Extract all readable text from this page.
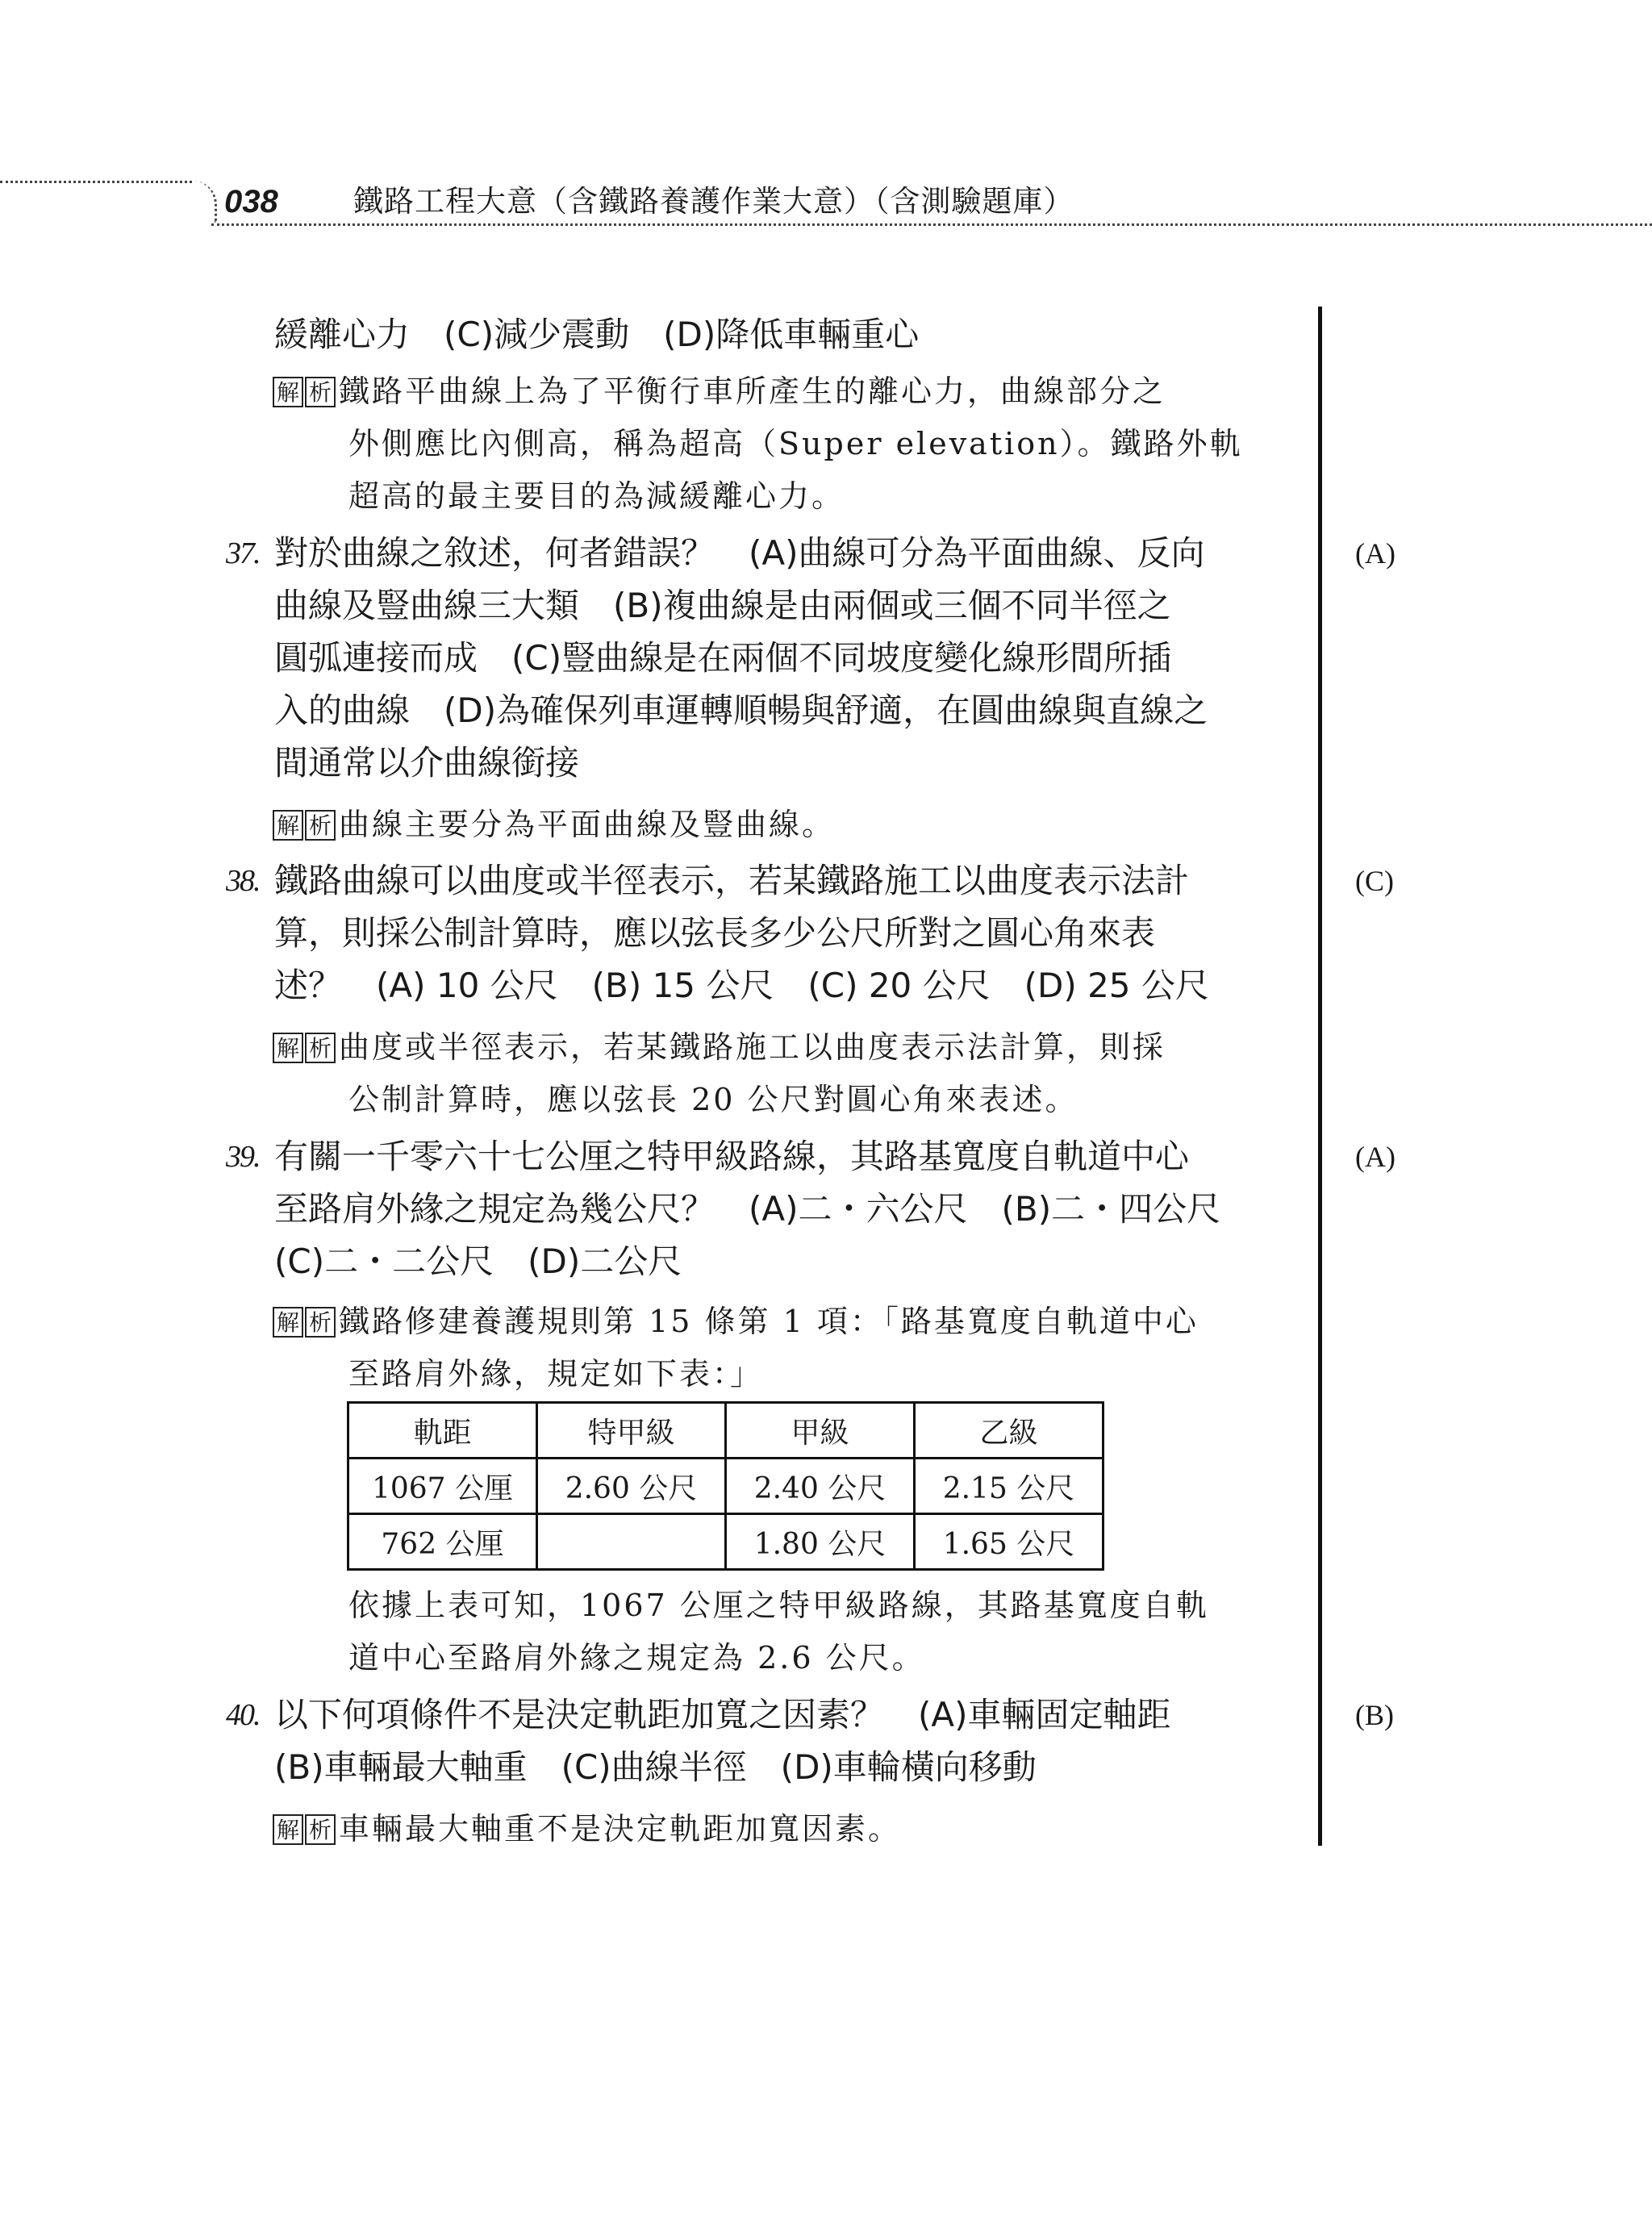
038	鐵路工程大意（含鐵路養護作業大意）（含測驗題庫）
緩離心力　(C)減少震動　(D)降低車輛重心
解 析 鐵路平曲線上為了平衡行車所產生的離心力，曲線部分之
外側應比內側高，稱為超高（Super elevation）。鐵路外軌
超高的最主要目的為減緩離心力。
37.	(A)
對於曲線之敘述，何者錯誤？　(A)曲線可分為平面曲線、反向
曲線及豎曲線三大類　(B)複曲線是由兩個或三個不同半徑之
圓弧連接而成　(C)豎曲線是在兩個不同坡度變化線形間所插
入的曲線　(D)為確保列車運轉順暢與舒適，在圓曲線與直線之
間通常以介曲線銜接
解 析 曲線主要分為平面曲線及豎曲線。
38.	(C)
鐵路曲線可以曲度或半徑表示，若某鐵路施工以曲度表示法計
算，則採公制計算時，應以弦長多少公尺所對之圓心角來表
述？　(A) 10 公尺　(B) 15 公尺　(C) 20 公尺　(D) 25 公尺
解 析 曲度或半徑表示，若某鐵路施工以曲度表示法計算，則採
公制計算時，應以弦長 20 公尺對圓心角來表述。
39.	(A)
有關一千零六十七公厘之特甲級路線，其路基寬度自軌道中心
至路肩外緣之規定為幾公尺？　(A)二・六公尺　(B)二・四公尺
(C)二・二公尺　(D)二公尺
解 析 鐵路修建養護規則第 15 條第 1 項：「路基寬度自軌道中心
至路肩外緣，規定如下表：」
軌距	特甲級	甲級	乙級
1067 公厘	2.60 公尺	2.40 公尺	2.15 公尺
762 公厘		1.80 公尺	1.65 公尺
依據上表可知，1067 公厘之特甲級路線，其路基寬度自軌
道中心至路肩外緣之規定為 2.6 公尺。
40.	(B)
以下何項條件不是決定軌距加寬之因素？　(A)車輛固定軸距
(B)車輛最大軸重　(C)曲線半徑　(D)車輪橫向移動
解 析 車輛最大軸重不是決定軌距加寬因素。
